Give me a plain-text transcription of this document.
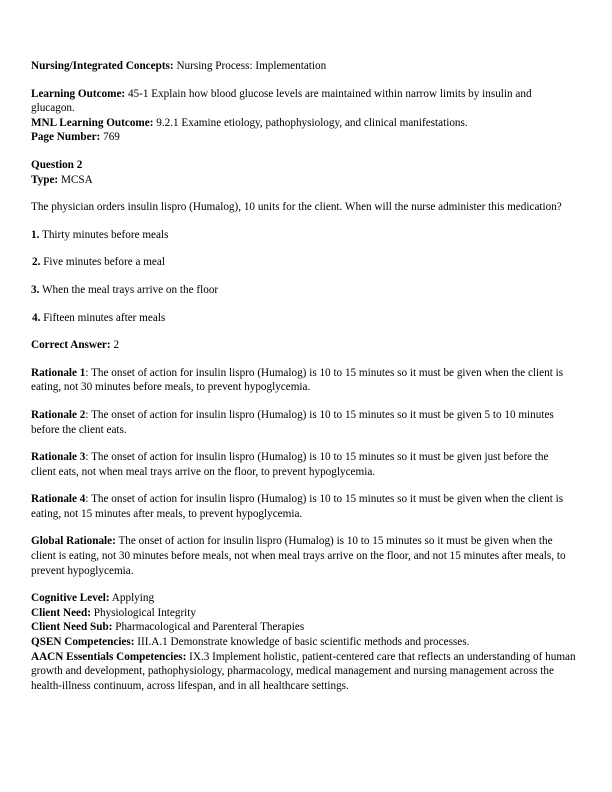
Nursing/Integrated Concepts: Nursing Process: Implementation

Learning Outcome: 45-1 Explain how blood glucose levels are maintained within narrow limits by insulin and glucagon.

MNL Learning Outcome: 9.2.1 Examine etiology, pathophysiology, and clinical manifestations.

Page Number: 769

Question 2

Type: MCSA

The physician orders insulin lispro (Humalog), 10 units for the client. When will the nurse administer this medication?

1. Thirty minutes before meals

2. Five minutes before a meal

3. When the meal trays arrive on the floor

4. Fifteen minutes after meals

Correct Answer: 2

Rationale 1: The onset of action for insulin lispro (Humalog) is 10 to 15 minutes so it must be given when the client is eating, not 30 minutes before meals, to prevent hypoglycemia.

Rationale 2: The onset of action for insulin lispro (Humalog) is 10 to 15 minutes so it must be given 5 to 10 minutes before the client eats.

Rationale 3: The onset of action for insulin lispro (Humalog) is 10 to 15 minutes so it must be given just before the client eats, not when meal trays arrive on the floor, to prevent hypoglycemia.

Rationale 4: The onset of action for insulin lispro (Humalog) is 10 to 15 minutes so it must be given when the client is eating, not 15 minutes after meals, to prevent hypoglycemia.

Global Rationale: The onset of action for insulin lispro (Humalog) is 10 to 15 minutes so it must be given when the client is eating, not 30 minutes before meals, not when meal trays arrive on the floor, and not 15 minutes after meals, to prevent hypoglycemia.

Cognitive Level: Applying

Client Need: Physiological Integrity

Client Need Sub: Pharmacological and Parenteral Therapies

QSEN Competencies: III.A.1 Demonstrate knowledge of basic scientific methods and processes.

AACN Essentials Competencies: IX.3 Implement holistic, patient-centered care that reflects an understanding of human growth and development, pathophysiology, pharmacology, medical management and nursing management across the health-illness continuum, across lifespan, and in all healthcare settings.
